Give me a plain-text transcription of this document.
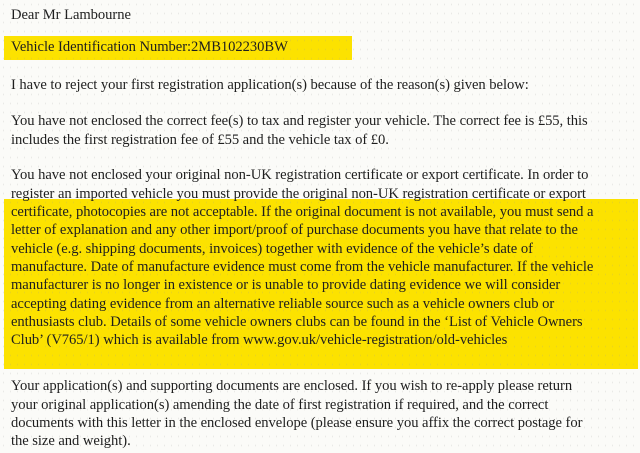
Dear Mr Lambourne
Vehicle Identification Number:2MB102230BW
I have to reject your first registration application(s) because of the reason(s) given below:
You have not enclosed the correct fee(s) to tax and register your vehicle. The correct fee is £55, this
includes the first registration fee of £55 and the vehicle tax of £0.
You have not enclosed your original non-UK registration certificate or export certificate. In order to
register an imported vehicle you must provide the original non-UK registration certificate or export
certificate, photocopies are not acceptable. If the original document is not available, you must send a
letter of explanation and any other import/proof of purchase documents you have that relate to the
vehicle (e.g. shipping documents, invoices) together with evidence of the vehicle’s date of
manufacture. Date of manufacture evidence must come from the vehicle manufacturer. If the vehicle
manufacturer is no longer in existence or is unable to provide dating evidence we will consider
accepting dating evidence from an alternative reliable source such as a vehicle owners club or
enthusiasts club. Details of some vehicle owners clubs can be found in the ‘List of Vehicle Owners
Club’ (V765/1) which is available from www.gov.uk/vehicle-registration/old-vehicles
Your application(s) and supporting documents are enclosed. If you wish to re-apply please return
your original application(s) amending the date of first registration if required, and the correct
documents with this letter in the enclosed envelope (please ensure you affix the correct postage for
the size and weight).
